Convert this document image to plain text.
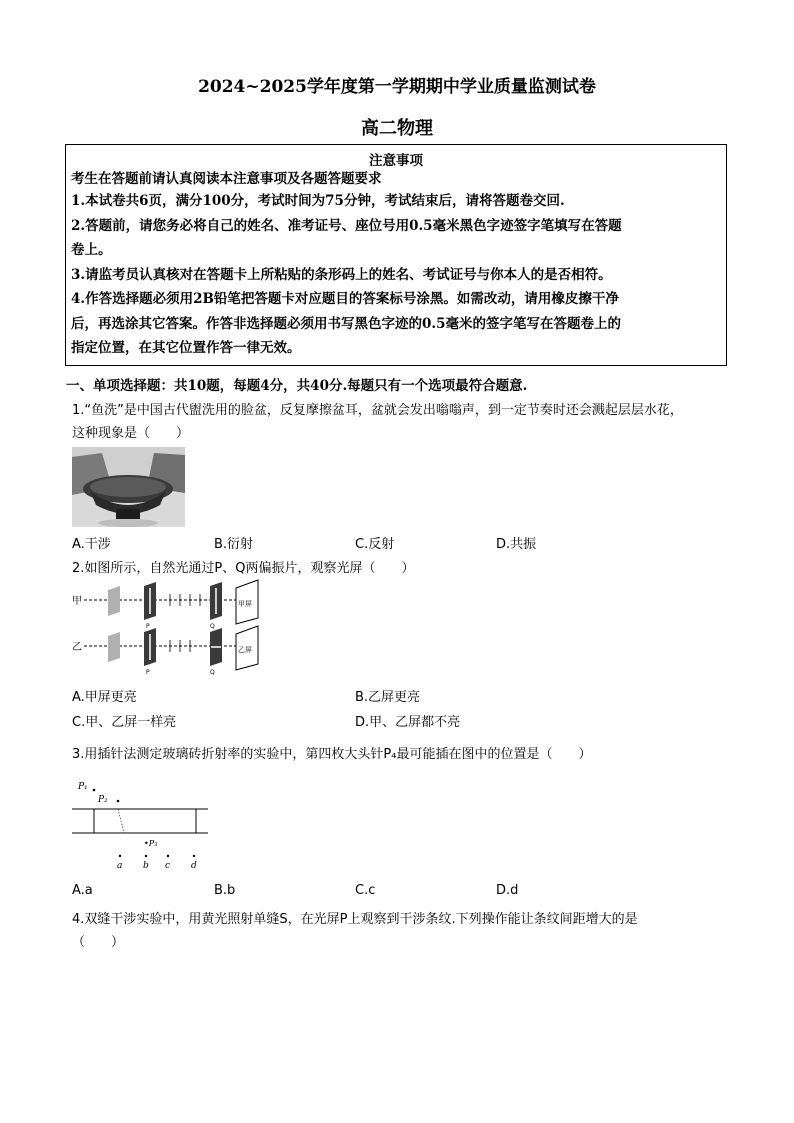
2024~2025学年度第一学期期中学业质量监测试卷
高二物理
注意事项
考生在答题前请认真阅读本注意事项及各题答题要求
1.本试卷共6页，满分100分，考试时间为75分钟，考试结束后，请将答题卷交回.
2.答题前，请您务必将自己的姓名、准考证号、座位号用0.5毫米黑色字迹签字笔填写在答题
卷上。
3.请监考员认真核对在答题卡上所粘贴的条形码上的姓名、考试证号与你本人的是否相符。
4.作答选择题必须用2B铅笔把答题卡对应题目的答案标号涂黑。如需改动，请用橡皮擦干净
后，再选涂其它答案。作答非选择题必须用书写黑色字迹的0.5毫米的签字笔写在答题卷上的
指定位置，在其它位置作答一律无效。
一、单项选择题：共10题，每题4分，共40分.每题只有一个选项最符合题意.
1.“鱼洗”是中国古代盥洗用的脸盆，反复摩擦盆耳，盆就会发出嗡嗡声，到一定节奏时还会溅起层层水花，
这种现象是（　　）
A.干涉	B.衍射	C.反射	D.共振
2.如图所示，自然光通过P、Q两偏振片，观察光屏（　　）
甲
乙
P	Q
甲屏
P	Q
乙屏
A.甲屏更亮	B.乙屏更亮
C.甲、乙屏一样亮	D.甲、乙屏都不亮
3.用插针法测定玻璃砖折射率的实验中，第四枚大头针P₄最可能插在图中的位置是（　　）
P₁
P₂
•P₃
a b c d
A.a	B.b	C.c	D.d
4.双缝干涉实验中，用黄光照射单缝S，在光屏P上观察到干涉条纹.下列操作能让条纹间距增大的是
（　　）
